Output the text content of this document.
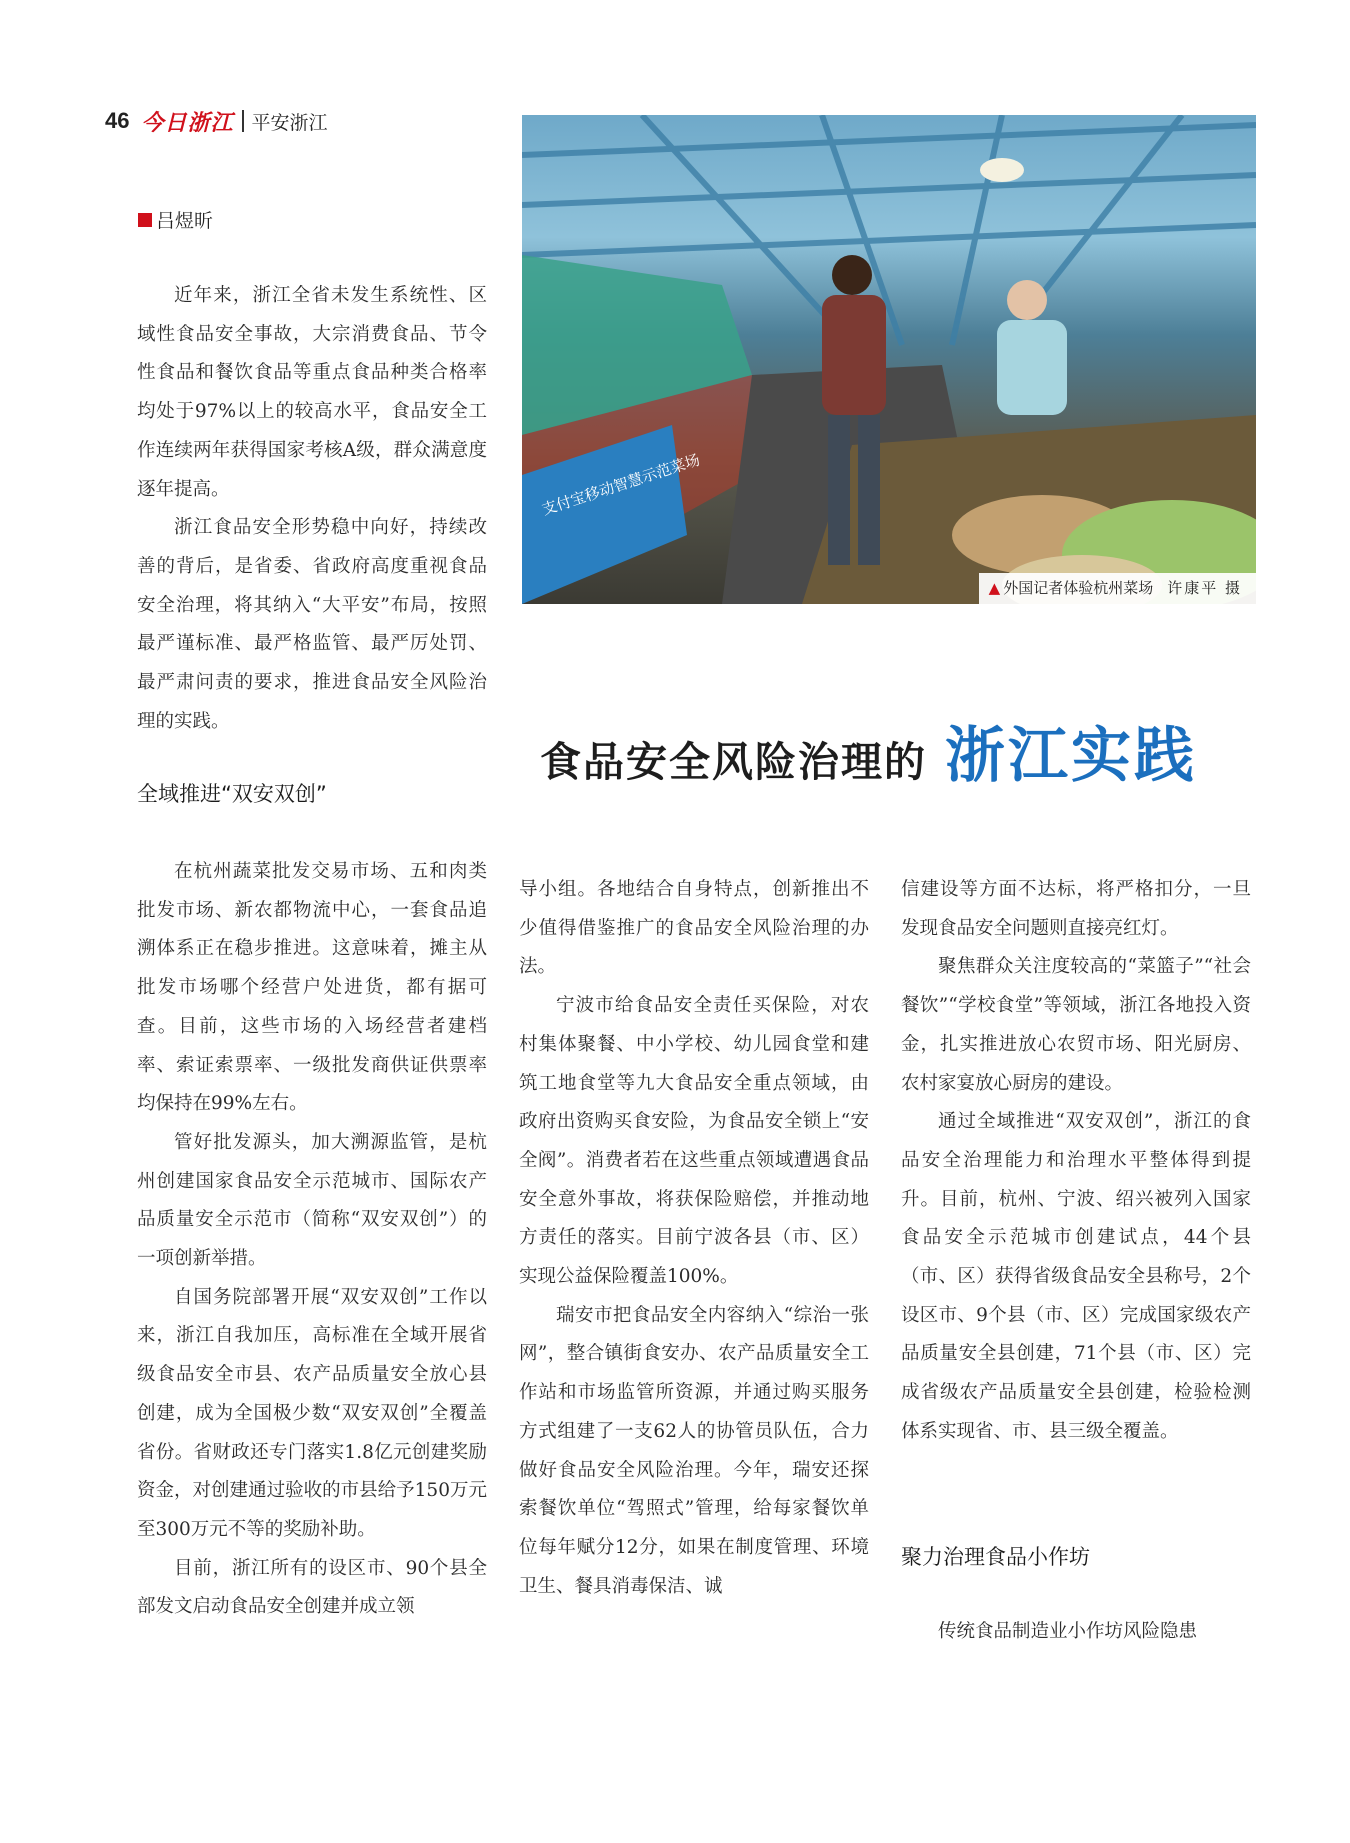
46 今日浙江 平安浙江
吕煜昕

近年来，浙江全省未发生系统性、区域性食品安全事故，大宗消费食品、节令性食品和餐饮食品等重点食品种类合格率均处于97%以上的较高水平，食品安全工作连续两年获得国家考核A级，群众满意度逐年提高。

浙江食品安全形势稳中向好，持续改善的背后，是省委、省政府高度重视食品安全治理，将其纳入“大平安”布局，按照最严谨标准、最严格监管、最严厉处罚、最严肃问责的要求，推进食品安全风险治理的实践。

支付宝移动智慧示范菜场
▲ 外国记者体验杭州菜场 许康平 摄
食品安全风险治理的 浙江实践
全域推进“双安双创”

在杭州蔬菜批发交易市场、五和肉类批发市场、新农都物流中心，一套食品追溯体系正在稳步推进。这意味着，摊主从批发市场哪个经营户处进货，都有据可查。目前，这些市场的入场经营者建档率、索证索票率、一级批发商供证供票率均保持在99%左右。

管好批发源头，加大溯源监管，是杭州创建国家食品安全示范城市、国际农产品质量安全示范市（简称“双安双创”）的一项创新举措。

自国务院部署开展“双安双创”工作以来，浙江自我加压，高标准在全域开展省级食品安全市县、农产品质量安全放心县创建，成为全国极少数“双安双创”全覆盖省份。省财政还专门落实1.8亿元创建奖励资金，对创建通过验收的市县给予150万元至300万元不等的奖励补助。

目前，浙江所有的设区市、90个县全部发文启动食品安全创建并成立领

导小组。各地结合自身特点，创新推出不少值得借鉴推广的食品安全风险治理的办法。

宁波市给食品安全责任买保险，对农村集体聚餐、中小学校、幼儿园食堂和建筑工地食堂等九大食品安全重点领域，由政府出资购买食安险，为食品安全锁上“安全阀”。消费者若在这些重点领域遭遇食品安全意外事故，将获保险赔偿，并推动地方责任的落实。目前宁波各县（市、区）实现公益保险覆盖100%。

瑞安市把食品安全内容纳入“综治一张网”，整合镇街食安办、农产品质量安全工作站和市场监管所资源，并通过购买服务方式组建了一支62人的协管员队伍，合力做好食品安全风险治理。今年，瑞安还探索餐饮单位“驾照式”管理，给每家餐饮单位每年赋分12分，如果在制度管理、环境卫生、餐具消毒保洁、诚

信建设等方面不达标，将严格扣分，一旦发现食品安全问题则直接亮红灯。

聚焦群众关注度较高的“菜篮子”“社会餐饮”“学校食堂”等领域，浙江各地投入资金，扎实推进放心农贸市场、阳光厨房、农村家宴放心厨房的建设。

通过全域推进“双安双创”，浙江的食品安全治理能力和治理水平整体得到提升。目前，杭州、宁波、绍兴被列入国家食品安全示范城市创建试点，44个县（市、区）获得省级食品安全县称号，2个设区市、9个县（市、区）完成国家级农产品质量安全县创建，71个县（市、区）完成省级农产品质量安全县创建，检验检测体系实现省、市、县三级全覆盖。

聚力治理食品小作坊

传统食品制造业小作坊风险隐患
